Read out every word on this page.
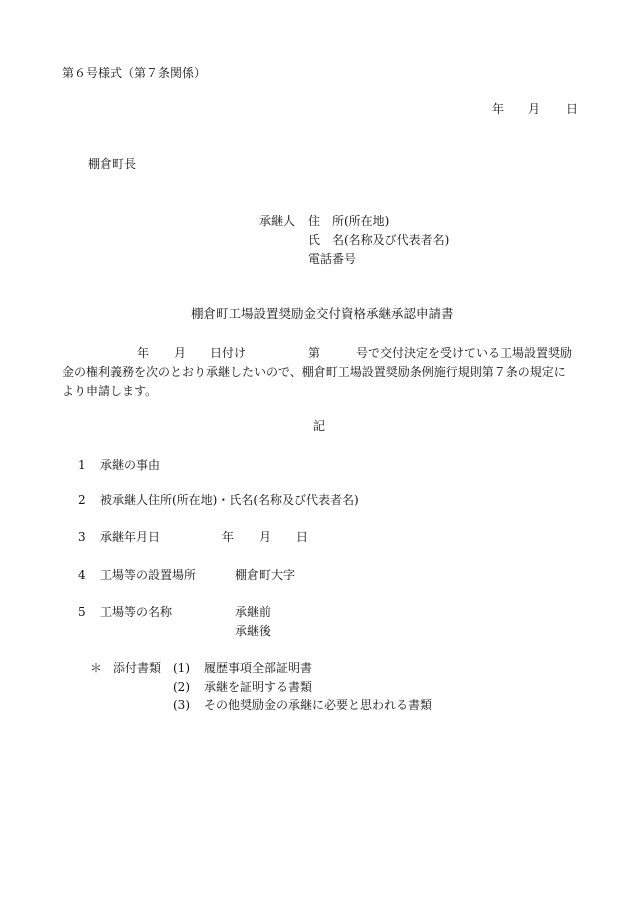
第６号様式（第７条関係）
年 月 日
棚倉町長
承継人 住　所(所在地)
氏　名(名称及び代表者名)
電話番号
棚倉町工場設置奨励金交付資格承継承認申請書
年 月 日付け	第	号で交付決定を受けている工場設置奨励
金の権利義務を次のとおり承継したいので、棚倉町工場設置奨励条例施行規則第７条の規定に
より申請します。
記
1 承継の事由
2 被承継人住所(所在地)・氏名(名称及び代表者名)
3 承継年月日	年 月 日
4 工場等の設置場所	棚倉町大字
5 工場等の名称	承継前
承継後
＊ 添付書類 (1) 履歴事項全部証明書
(2) 承継を証明する書類
(3) その他奨励金の承継に必要と思われる書類
